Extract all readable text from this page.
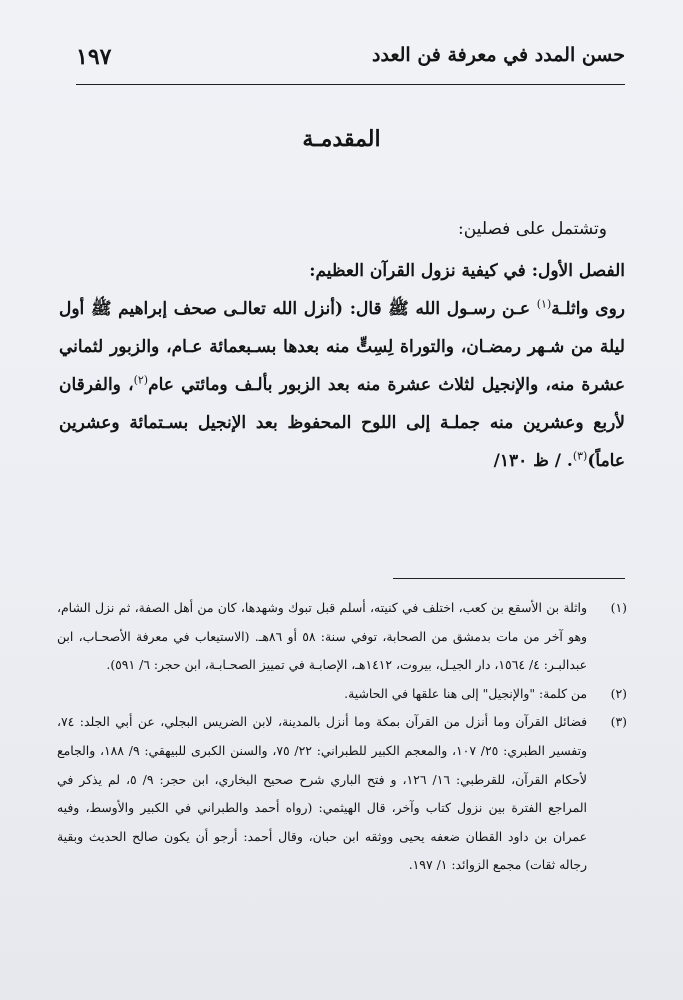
حسن المدد في معرفة فن العدد
١٩٧
المقدمـة

وتشتمل على فصلين:

الفصل الأول: في كيفية نزول القرآن العظيم:

روى واثلـة$^{(١)}$ عـن رسـول الله ﷺ قال: (أنزل الله تعالـى صحف إبراهيم ﷺ أول ليلة من شـهر رمضـان، والتوراة لِسِتٍّ منه بعدها بسـبعمائة عـام، والزبور لثماني عشرة منه، والإنجيل لثلاث عشرة منه بعد الزبور بألـف ومائتي عام$^{(٢)}$، والفرقان لأربع وعشرين منه جملـة إلى اللوح المحفوظ بعد الإنجيل بسـتمائة وعشرين عاماً)$^{(٣)}$. / ظ ١٣٠/

(١)
واثلة بن الأسقع بن كعب، اختلف في كنيته، أسلم قبل تبوك وشهدها، كان من أهل الصفة، ثم نزل الشام، وهو آخر من مات بدمشق من الصحابة، توفي سنة: ٥٨ أو ٨٦هـ. (الاستيعاب في معرفة الأصحـاب، ابن عبدالبـر: ٤/ ١٥٦٤، دار الجيـل، بيروت، ١٤١٢هـ، الإصابـة في تمييز الصحـابـة، ابن حجر: ٦/ ٥٩١).
(٢)
من كلمة: "والإنجيل" إلى هنا علقها في الحاشية.
(٣)
فضائل القرآن وما أنزل من القرآن بمكة وما أنزل بالمدينة، لابن الضريس البجلي، عن أبي الجلد: ٧٤، وتفسير الطبري: ٢٥/ ١٠٧، والمعجم الكبير للطبراني: ٢٢/ ٧٥، والسنن الكبرى للبيهقي: ٩/ ١٨٨، والجامع لأحكام القرآن، للقرطبي: ١٦/ ١٢٦، و فتح الباري شرح صحيح البخاري، ابن حجر: ٩/ ٥، لم يذكر في المراجع الفترة بين نزول كتاب وآخر، قال الهيثمي: (رواه أحمد والطبراني في الكبير والأوسط، وفيه عمران بن داود القطان ضعفه يحيى ووثقه ابن حبان، وقال أحمد: أرجو أن يكون صالح الحديث وبقية رجاله ثقات) مجمع الزوائد: ١/ ١٩٧.
